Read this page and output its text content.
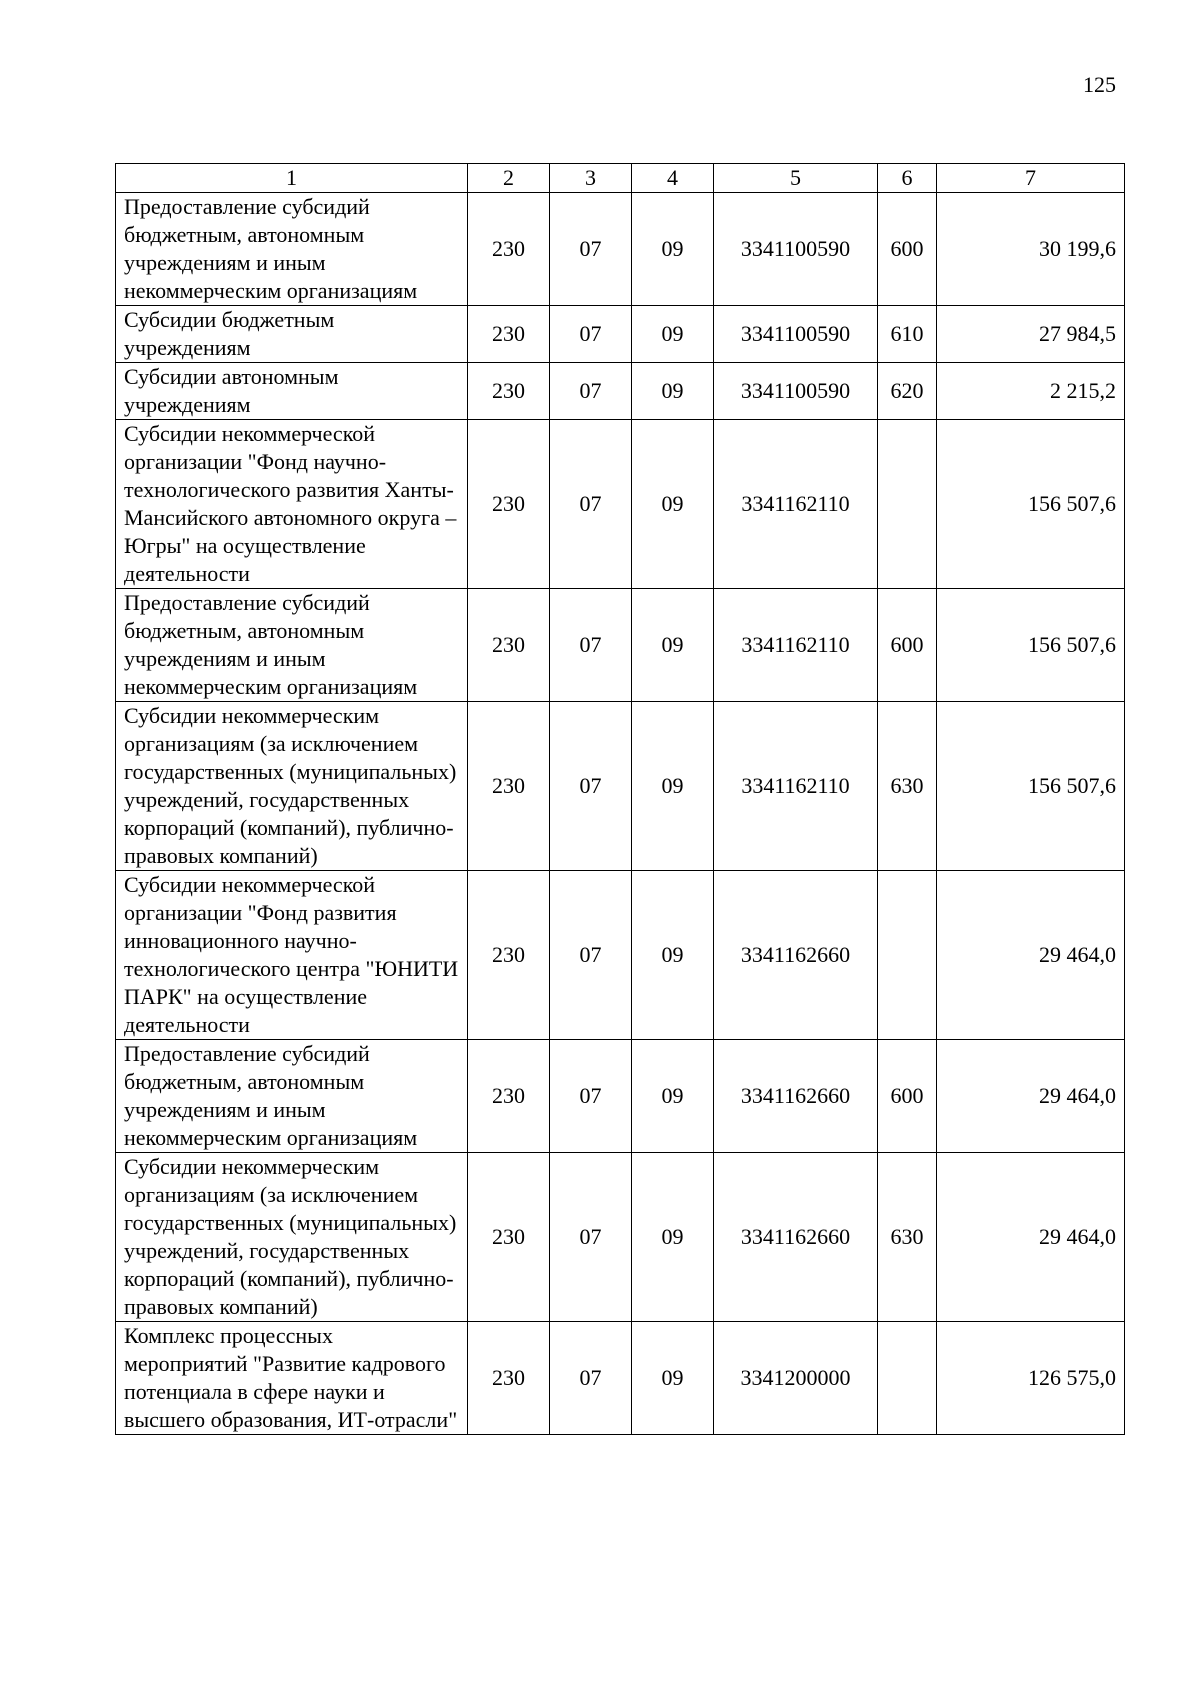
125
1	2	3	4	5	6	7
Предоставление субсидий бюджетным, автономным учреждениям и иным некоммерческим организациям	230	07	09	3341100590	600	30 199,6
Субсидии бюджетным учреждениям	230	07	09	3341100590	610	27 984,5
Субсидии автономным учреждениям	230	07	09	3341100590	620	2 215,2
Субсидии некоммерческой организации "Фонд научно-технологического развития Ханты-Мансийского автономного округа – Югры" на осуществление деятельности	230	07	09	3341162110		156 507,6
Предоставление субсидий бюджетным, автономным учреждениям и иным некоммерческим организациям	230	07	09	3341162110	600	156 507,6
Субсидии некоммерческим организациям (за исключением государственных (муниципальных) учреждений, государственных корпораций (компаний), публично-правовых компаний)	230	07	09	3341162110	630	156 507,6
Субсидии некоммерческой организации "Фонд развития инновационного научно-технологического центра "ЮНИТИ ПАРК" на осуществление деятельности	230	07	09	3341162660		29 464,0
Предоставление субсидий бюджетным, автономным учреждениям и иным некоммерческим организациям	230	07	09	3341162660	600	29 464,0
Субсидии некоммерческим организациям (за исключением государственных (муниципальных) учреждений, государственных корпораций (компаний), публично-правовых компаний)	230	07	09	3341162660	630	29 464,0
Комплекс процессных мероприятий "Развитие кадрового потенциала в сфере науки и высшего образования, ИТ-отрасли"	230	07	09	3341200000		126 575,0
